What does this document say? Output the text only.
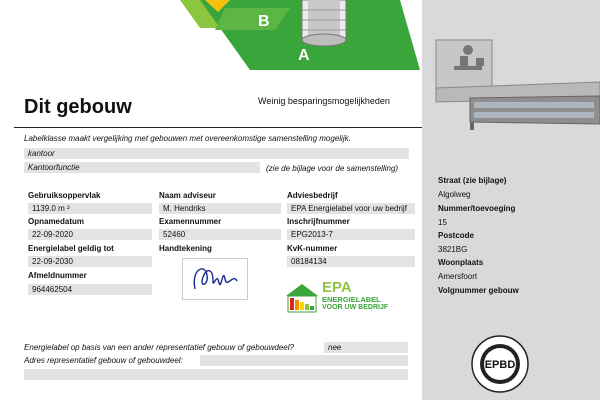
B
A
Dit gebouw	Weinig besparingsmogelijkheden
Labelklasse maakt vergelijking met gebouwen met overeenkomstige samenstelling mogelijk.
kantoor
Kantoorfunctie	(zie de bijlage voor de samenstelling)
Gebruiksoppervlak
1139.0 m ²
Opnamedatum
22-09-2020
Energielabel geldig tot
22-09-2030
Afmeldnummer
964462504
Naam adviseur
M. Hendriks
Examennummer
52460
Handtekening
Adviesbedrijf
EPA Energielabel voor uw bedrijf
Inschrijfnummer
EPG2013-7
KvK-nummer
08184134
EPA
ENERGIELABEL
VOOR UW BEDRIJF
Straat (zie bijlage)
Algolweg
Nummer/toevoeging
15
Postcode
3821BG
Woonplaats
Amersfoort
Volgnummer gebouw
EPBD
Energielabel op basis van een ander representatief gebouw of gebouwdeel?	nee
Adres representatief gebouw of gebouwdeel:
